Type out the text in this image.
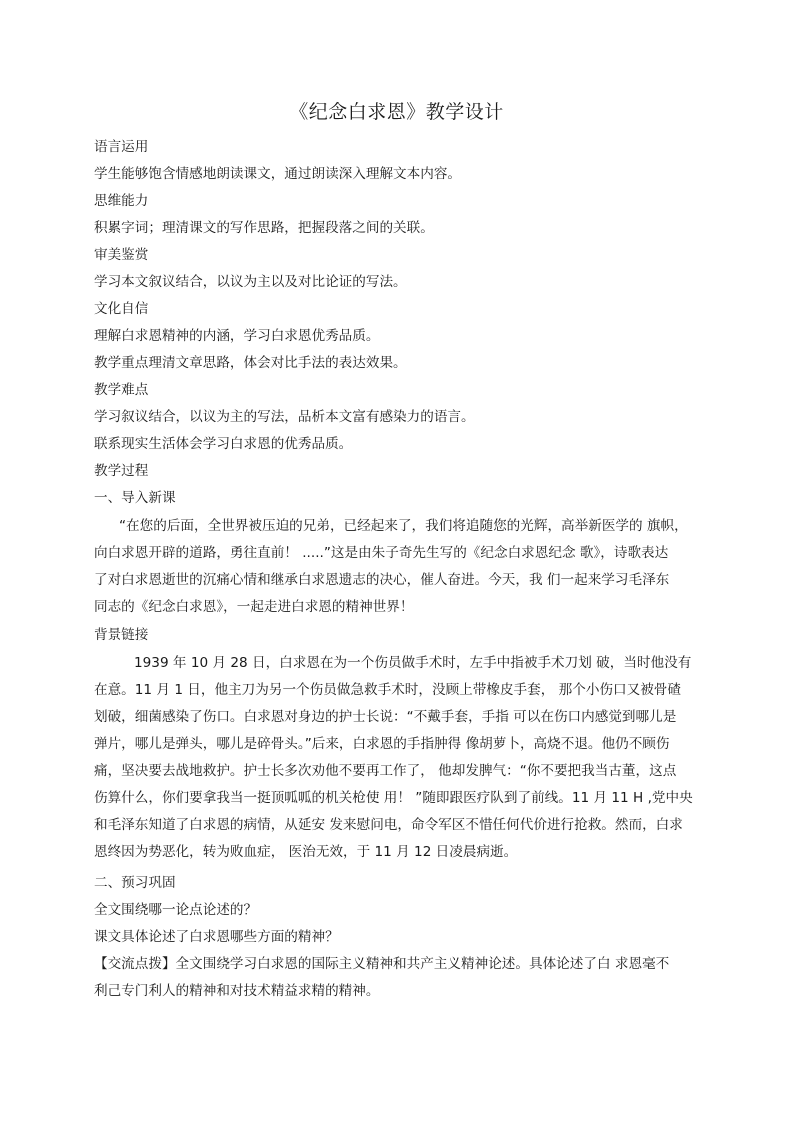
《纪念白求恩》教学设计
语言运用
学生能够饱含情感地朗读课文，通过朗读深入理解文本内容。
思维能力
积累字词；理清课文的写作思路，把握段落之间的关联。
审美鉴赏
学习本文叙议结合，以议为主以及对比论证的写法。
文化自信
理解白求恩精神的内涵，学习白求恩优秀品质。
教学重点理清文章思路，体会对比手法的表达效果。
教学难点
学习叙议结合，以议为主的写法，品析本文富有感染力的语言。
联系现实生活体会学习白求恩的优秀品质。
教学过程
一、导入新课
“在您的后面，全世界被压迫的兄弟，已经起来了，我们将追随您的光辉，高举新医学的 旗帜，
向白求恩开辟的道路，勇往直前！ .....”这是由朱子奇先生写的《纪念白求恩纪念 歌》，诗歌表达
了对白求恩逝世的沉痛心情和继承白求恩遗志的决心，催人奋进。今天，我 们一起来学习毛泽东
同志的《纪念白求恩》，一起走进白求恩的精神世界！
背景链接
1939 年 10 月 28 日，白求恩在为一个伤员做手术时，左手中指被手术刀划 破，当时他没有
在意。11 月 1 日，他主刀为另一个伤员做急救手术时，没顾上带橡皮手套， 那个小伤口又被骨碴
划破，细菌感染了伤口。白求恩对身边的护士长说：“不戴手套，手指 可以在伤口内感觉到哪儿是
弹片，哪儿是弹头，哪儿是碎骨头。”后来，白求恩的手指肿得 像胡萝卜，高烧不退。他仍不顾伤
痛，坚决要去战地救护。护士长多次劝他不要再工作了， 他却发脾气：“你不要把我当古董，这点
伤算什么，你们要拿我当一挺顶呱呱的机关枪使 用！ ”随即跟医疗队到了前线。11 月 11 H ,党中央
和毛泽东知道了白求恩的病情，从延安 发来慰问电，命令军区不惜任何代价进行抢救。然而，白求
恩终因为势恶化，转为败血症， 医治无效，于 11 月 12 日凌晨病逝。
二、预习巩固
全文围绕哪一论点论述的？
课文具体论述了白求恩哪些方面的精神？
【交流点拨】全文围绕学习白求恩的国际主义精神和共产主义精神论述。具体论述了白 求恩毫不
利己专门利人的精神和对技术精益求精的精神。
